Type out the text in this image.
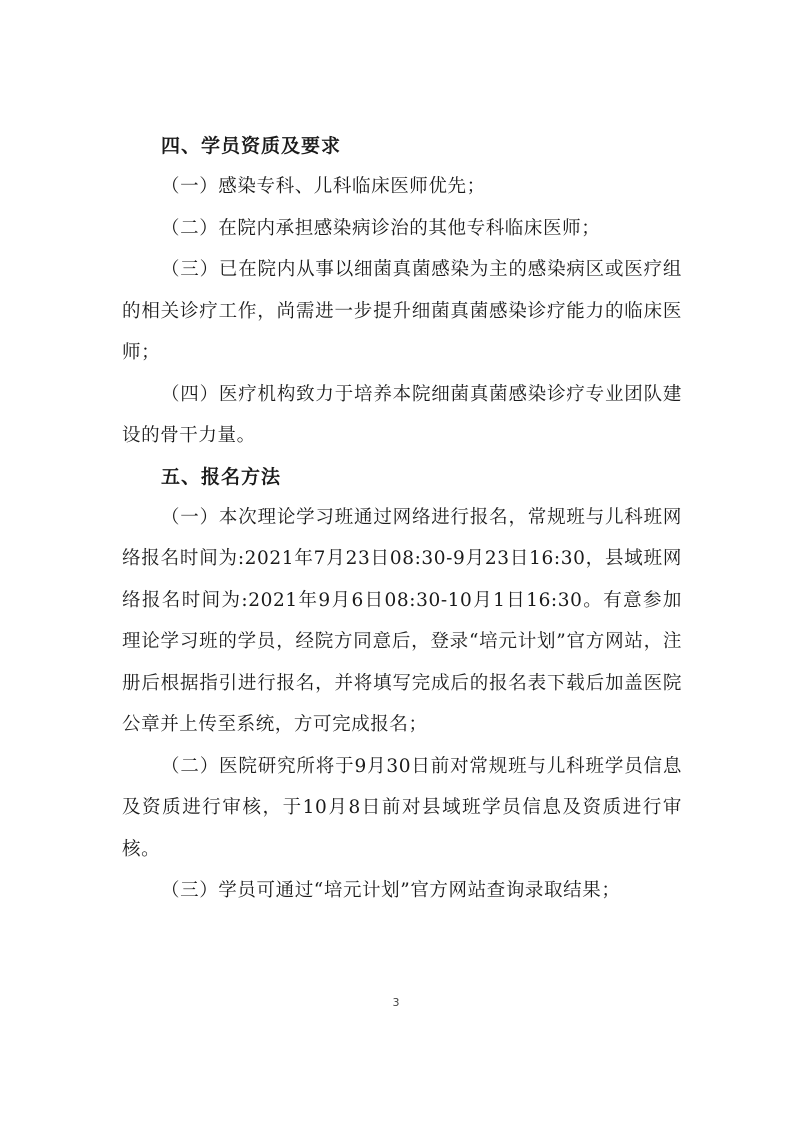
四、学员资质及要求

（一）感染专科、儿科临床医师优先；

（二）在院内承担感染病诊治的其他专科临床医师；

（三）已在院内从事以细菌真菌感染为主的感染病区或医疗组的相关诊疗工作，尚需进一步提升细菌真菌感染诊疗能力的临床医师；

（四）医疗机构致力于培养本院细菌真菌感染诊疗专业团队建设的骨干力量。

五、报名方法

（一）本次理论学习班通过网络进行报名，常规班与儿科班网络报名时间为:2021年7月23日08:30-9月23日16:30，县域班网络报名时间为:2021年9月6日08:30-10月1日16:30。有意参加理论学习班的学员，经院方同意后，登录“培元计划”官方网站，注册后根据指引进行报名，并将填写完成后的报名表下载后加盖医院公章并上传至系统，方可完成报名；

（二）医院研究所将于9月30日前对常规班与儿科班学员信息及资质进行审核，于10月8日前对县域班学员信息及资质进行审核。

（三）学员可通过“培元计划”官方网站查询录取结果；

3
